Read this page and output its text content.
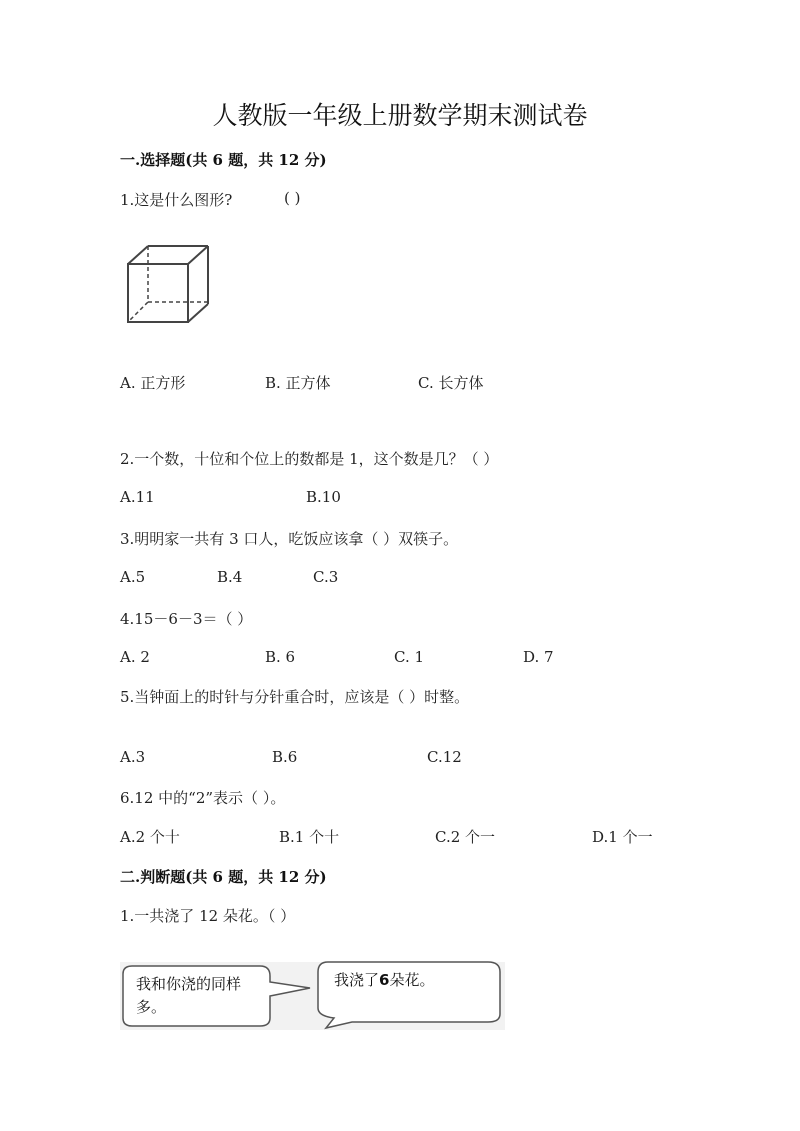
人教版一年级上册数学期末测试卷
一.选择题(共 6 题，共 12 分)
1.这是什么图形?	( )
A. 正方形	B. 正方体	C. 长方体
2.一个数，十位和个位上的数都是 1，这个数是几？（ ）
A.11	B.10
3.明明家一共有 3 口人，吃饭应该拿（ ）双筷子。
A.5	B.4	C.3
4.15－6－3＝（ ）
A. 2	B. 6	C. 1	D. 7
5.当钟面上的时针与分针重合时，应该是（ ）时整。
A.3	B.6	C.12
6.12 中的“2”表示（ ）。
A.2 个十	B.1 个十	C.2 个一	D.1 个一
二.判断题(共 6 题，共 12 分)
1.一共浇了 12 朵花。（ ）
我和你浇的同样
多。
我浇了6朵花。
